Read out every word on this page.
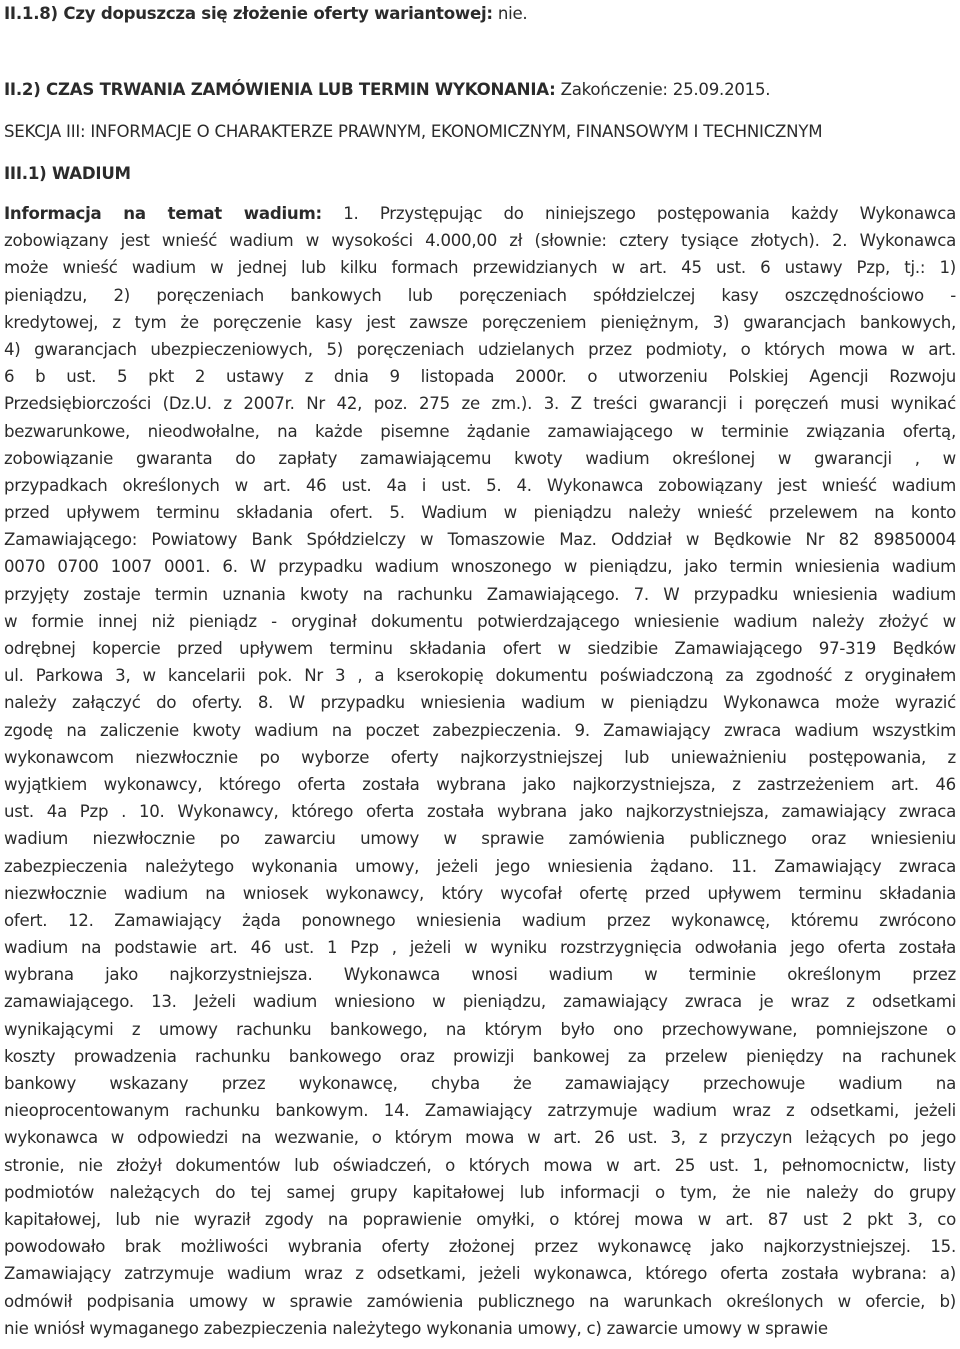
II.1.8) Czy dopuszcza się złożenie oferty wariantowej: nie.
II.2) CZAS TRWANIA ZAMÓWIENIA LUB TERMIN WYKONANIA: Zakończenie: 25.09.2015.
SEKCJA III: INFORMACJE O CHARAKTERZE PRAWNYM, EKONOMICZNYM, FINANSOWYM I TECHNICZNYM
III.1) WADIUM
Informacja na temat wadium: 1. Przystępując do niniejszego postępowania każdy Wykonawca
zobowiązany jest wnieść wadium w wysokości 4.000,00 zł (słownie: cztery tysiące złotych). 2. Wykonawca
może wnieść wadium w jednej lub kilku formach przewidzianych w art. 45 ust. 6 ustawy Pzp, tj.: 1)
pieniądzu, 2) poręczeniach bankowych lub poręczeniach spółdzielczej kasy oszczędnościowo -
kredytowej, z tym że poręczenie kasy jest zawsze poręczeniem pieniężnym, 3) gwarancjach bankowych,
4) gwarancjach ubezpieczeniowych, 5) poręczeniach udzielanych przez podmioty, o których mowa w art.
6 b ust. 5 pkt 2 ustawy z dnia 9 listopada 2000r. o utworzeniu Polskiej Agencji Rozwoju
Przedsiębiorczości (Dz.U. z 2007r. Nr 42, poz. 275 ze zm.). 3. Z treści gwarancji i poręczeń musi wynikać
bezwarunkowe, nieodwołalne, na każde pisemne żądanie zamawiającego w terminie związania ofertą,
zobowiązanie gwaranta do zapłaty zamawiającemu kwoty wadium określonej w gwarancji , w
przypadkach określonych w art. 46 ust. 4a i ust. 5. 4. Wykonawca zobowiązany jest wnieść wadium
przed upływem terminu składania ofert. 5. Wadium w pieniądzu należy wnieść przelewem na konto
Zamawiającego: Powiatowy Bank Spółdzielczy w Tomaszowie Maz. Oddział w Będkowie Nr 82 89850004
0070 0700 1007 0001. 6. W przypadku wadium wnoszonego w pieniądzu, jako termin wniesienia wadium
przyjęty zostaje termin uznania kwoty na rachunku Zamawiającego. 7. W przypadku wniesienia wadium
w formie innej niż pieniądz - oryginał dokumentu potwierdzającego wniesienie wadium należy złożyć w
odrębnej kopercie przed upływem terminu składania ofert w siedzibie Zamawiającego 97-319 Będków
ul. Parkowa 3, w kancelarii pok. Nr 3 , a kserokopię dokumentu poświadczoną za zgodność z oryginałem
należy załączyć do oferty. 8. W przypadku wniesienia wadium w pieniądzu Wykonawca może wyrazić
zgodę na zaliczenie kwoty wadium na poczet zabezpieczenia. 9. Zamawiający zwraca wadium wszystkim
wykonawcom niezwłocznie po wyborze oferty najkorzystniejszej lub unieważnieniu postępowania, z
wyjątkiem wykonawcy, którego oferta została wybrana jako najkorzystniejsza, z zastrzeżeniem art. 46
ust. 4a Pzp . 10. Wykonawcy, którego oferta została wybrana jako najkorzystniejsza, zamawiający zwraca
wadium niezwłocznie po zawarciu umowy w sprawie zamówienia publicznego oraz wniesieniu
zabezpieczenia należytego wykonania umowy, jeżeli jego wniesienia żądano. 11. Zamawiający zwraca
niezwłocznie wadium na wniosek wykonawcy, który wycofał ofertę przed upływem terminu składania
ofert. 12. Zamawiający żąda ponownego wniesienia wadium przez wykonawcę, któremu zwrócono
wadium na podstawie art. 46 ust. 1 Pzp , jeżeli w wyniku rozstrzygnięcia odwołania jego oferta została
wybrana jako najkorzystniejsza. Wykonawca wnosi wadium w terminie określonym przez
zamawiającego. 13. Jeżeli wadium wniesiono w pieniądzu, zamawiający zwraca je wraz z odsetkami
wynikającymi z umowy rachunku bankowego, na którym było ono przechowywane, pomniejszone o
koszty prowadzenia rachunku bankowego oraz prowizji bankowej za przelew pieniędzy na rachunek
bankowy wskazany przez wykonawcę, chyba że zamawiający przechowuje wadium na
nieoprocentowanym rachunku bankowym. 14. Zamawiający zatrzymuje wadium wraz z odsetkami, jeżeli
wykonawca w odpowiedzi na wezwanie, o którym mowa w art. 26 ust. 3, z przyczyn leżących po jego
stronie, nie złożył dokumentów lub oświadczeń, o których mowa w art. 25 ust. 1, pełnomocnictw, listy
podmiotów należących do tej samej grupy kapitałowej lub informacji o tym, że nie należy do grupy
kapitałowej, lub nie wyraził zgody na poprawienie omyłki, o której mowa w art. 87 ust 2 pkt 3, co
powodowało brak możliwości wybrania oferty złożonej przez wykonawcę jako najkorzystniejszej. 15.
Zamawiający zatrzymuje wadium wraz z odsetkami, jeżeli wykonawca, którego oferta została wybrana: a)
odmówił podpisania umowy w sprawie zamówienia publicznego na warunkach określonych w ofercie, b)
nie wniósł wymaganego zabezpieczenia należytego wykonania umowy, c) zawarcie umowy w sprawie
